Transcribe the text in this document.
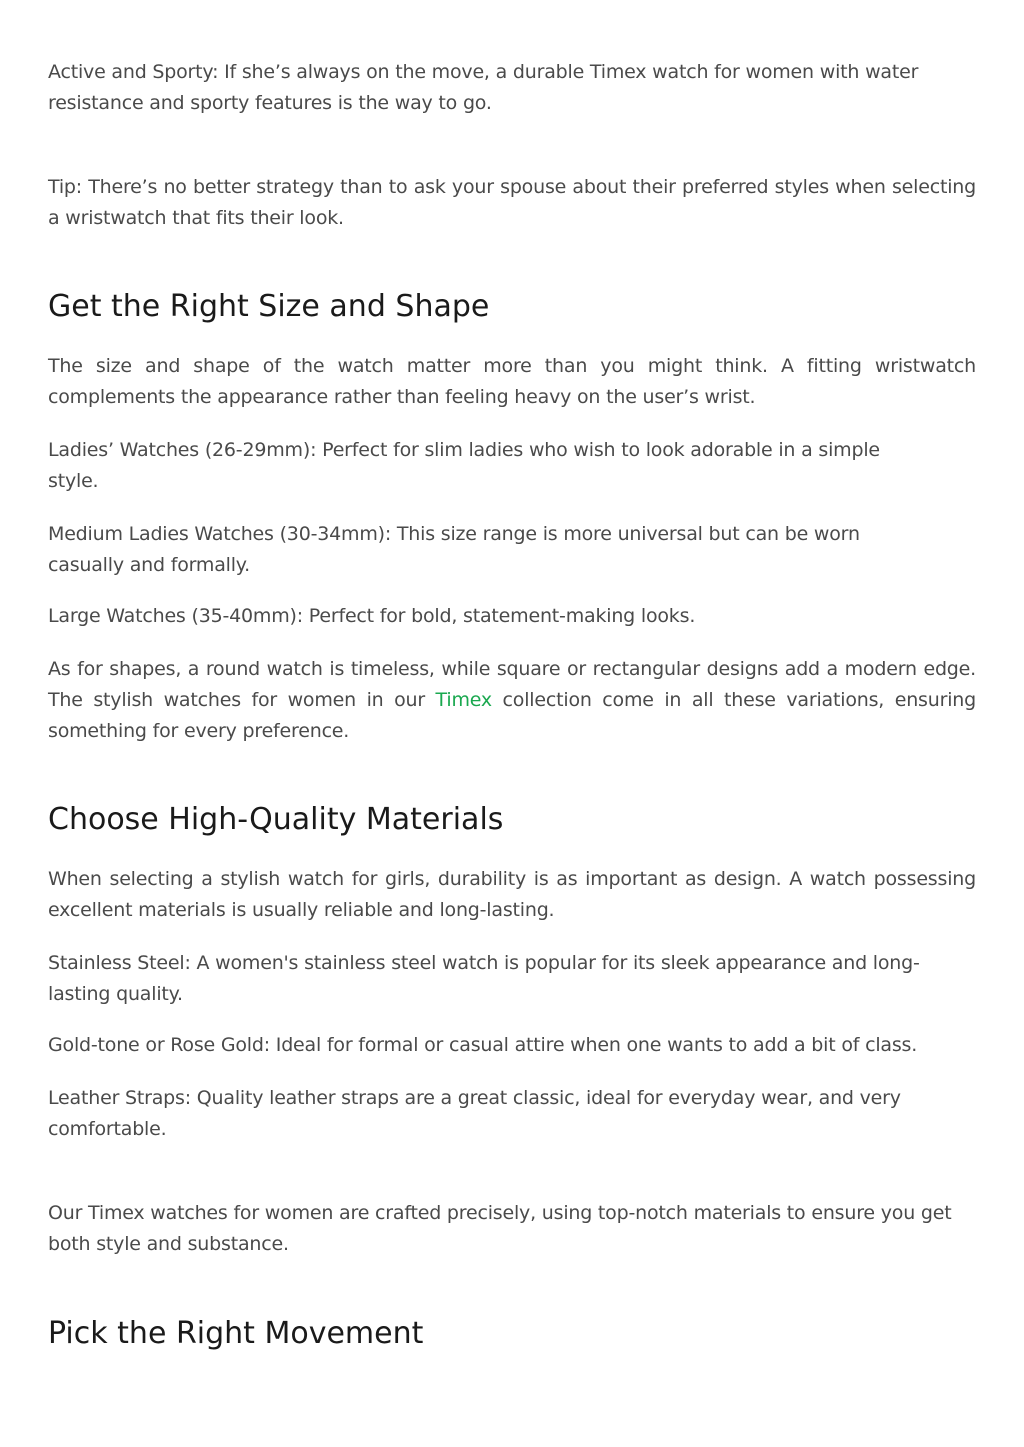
Active and Sporty: If she’s always on the move, a durable Timex watch for women with water resistance and sporty features is the way to go.

Tip: There’s no better strategy than to ask your spouse about their preferred styles when selecting a wristwatch that fits their look.

Get the Right Size and Shape

The size and shape of the watch matter more than you might think. A fitting wristwatch complements the appearance rather than feeling heavy on the user’s wrist.

Ladies’ Watches (26-29mm): Perfect for slim ladies who wish to look adorable in a simple style.

Medium Ladies Watches (30-34mm): This size range is more universal but can be worn casually and formally.

Large Watches (35-40mm): Perfect for bold, statement-making looks.

As for shapes, a round watch is timeless, while square or rectangular designs add a modern edge. The stylish watches for women in our Timex collection come in all these variations, ensuring something for every preference.

Choose High-Quality Materials

When selecting a stylish watch for girls, durability is as important as design. A watch possessing excellent materials is usually reliable and long-lasting.

Stainless Steel: A women's stainless steel watch is popular for its sleek appearance and long-lasting quality.

Gold-tone or Rose Gold: Ideal for formal or casual attire when one wants to add a bit of class.

Leather Straps: Quality leather straps are a great classic, ideal for everyday wear, and very comfortable.

Our Timex watches for women are crafted precisely, using top-notch materials to ensure you get both style and substance.

Pick the Right Movement
